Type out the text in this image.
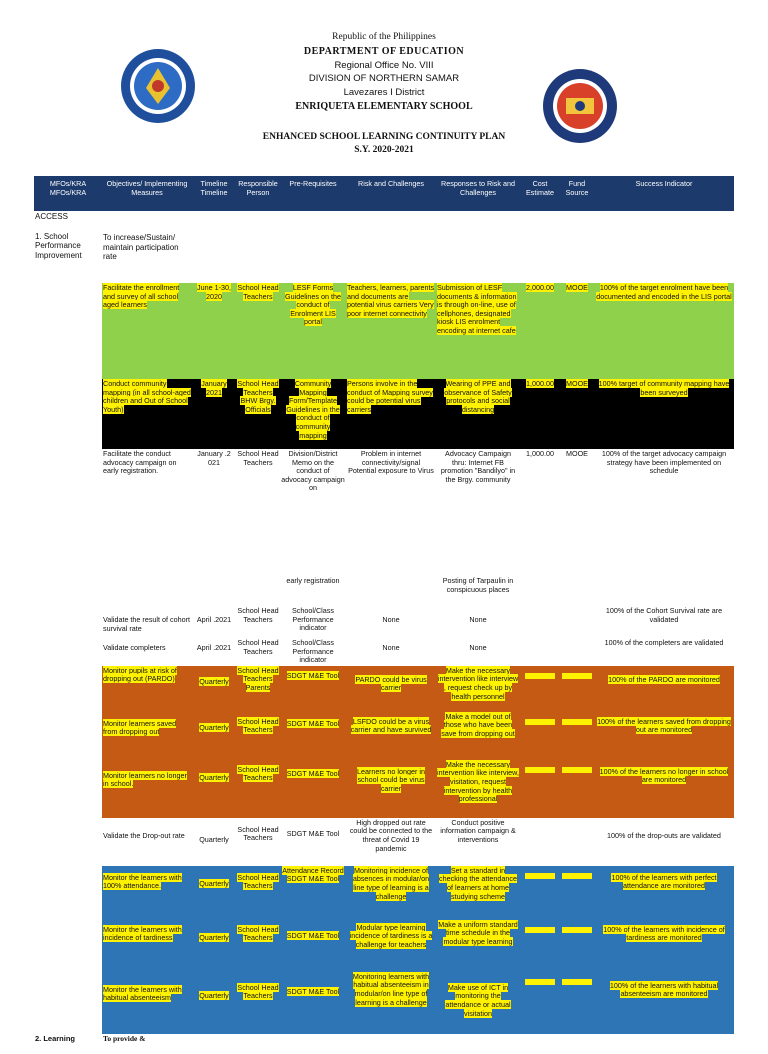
Republic of the Philippines
DEPARTMENT OF EDUCATION
Regional Office No. VIII
DIVISION OF NORTHERN SAMAR
Lavezares I District
ENRIQUETA ELEMENTARY SCHOOL
ENHANCED SCHOOL LEARNING CONTINUITY PLAN
S.Y. 2020-2021
MFOs/KRA MFOs/KRA	Objectives/ Implementing Measures	Timeline Timeline	Responsible Person	Pre-Requisites	Risk and Challenges	Responses to Risk and Challenges	Cost Estimate	Fund Source	Success Indicator

ACCESS
1. School Performance Improvement	To increase/Sustain/ maintain participation rate								
	Facilitate the enrollment and survey of all school aged learners	June 1-30, 2020	School Head Teachers	LESF Forms Guidelines on the conduct of Enrolment LIS portal	Teachers, learners, parents and documents are potential virus carriers Very poor internet connectivity	Submission of LESF documents & information is through on-line, use of cellphones, designated kiosk LIS enrolment encoding at internet cafe	2,000.00	MOOE	100% of the target enrolment have been documented and encoded in the LIS portal
	Conduct community mapping (in all school-aged children and Out of School Youth)	January 2021	School Head Teachers BHW Brgy. Officials	Community Mapping Form/Template Guidelines in the conduct of community mapping	Persons involve in the conduct of Mapping survey could be potential virus carriers	Wearing of PPE and observance of Safety protocols and social distancing	1,000.00	MOOE	100% target of community mapping have been surveyed
	Facilitate the conduct advocacy campaign on early registration.	January .2 021	School Head Teachers	Division/District Memo on the conduct of advocacy campaign on	Problem in internet connectivity/signal Potential exposure to Virus	Advocacy Campaign thru: Internet FB promotion "Bandilyo" in the Brgy. community	1,000.00	MOOE	100% of the target advocacy campaign strategy have been implemented on schedule
				early registration		Posting of Tarpaulin in conspicuous places			
	Validate the result of cohort survival rate	April .2021	School Head Teachers	School/Class Performance indicator	None	None			100% of the Cohort Survival rate are validated
	Validate completers	April .2021	School Head Teachers	School/Class Performance indicator	None	None			100% of the completers are validated
	Monitor pupils at risk of dropping out (PARDO)	Quarterly	School Head Teachers Parents	SDGT M&E Tool	PARDO could be virus carrier	Make the necessary intervention like interview , request check up by health personnel			100% of the PARDO are monitored
	Monitor learners saved from dropping out	Quarterly	School Head Teachers	SDGT M&E Tool	LSFDO could be a virus carrier and have survived	Make a model out of those who have been save from dropping out			100% of the learners saved from dropping out are monitored
	Monitor learners no longer in school.	Quarterly	School Head Teachers	SDGT M&E Tool	Learners no longer in school could be virus carrier	Make the necessary intervention like interview, visitation, request intervention by health professional			100% of the learners no longer in school are monitored
	Validate the Drop-out rate	Quarterly	School Head Teachers	SDGT M&E Tool	High dropped out rate could be connected to the threat of Covid 19 pandemic	Conduct positive information campaign & interventions			100% of the drop-outs are validated
	Monitor the learners with 100% attendance.	Quarterly	School Head Teachers	Attendance Record SDGT M&E Tool	Monitoring incidence of absences in modular/on line type of learning is a challenge	Set a standard in checking the attendance of learners at home studying scheme			100% of the learners with perfect attendance are monitored
	Monitor the learners with incidence of tardiness	Quarterly	School Head Teachers	SDGT M&E Tool	Modular type learning incidence of tardiness is a challenge for teachers	Make a uniform standard time schedule in the modular type learning			100% of the learners with incidence of tardiness are monitored
	Monitor the learners with habitual absenteeism	Quarterly	School Head Teachers	SDGT M&E Tool	Monitoring learners with habitual absenteeism in modular/on line type of learning is a challenge	Make use of ICT in monitoring the attendance or actual visitation			100% of the learners with habitual absenteeism are monitored
2. Learning	To provide &								
